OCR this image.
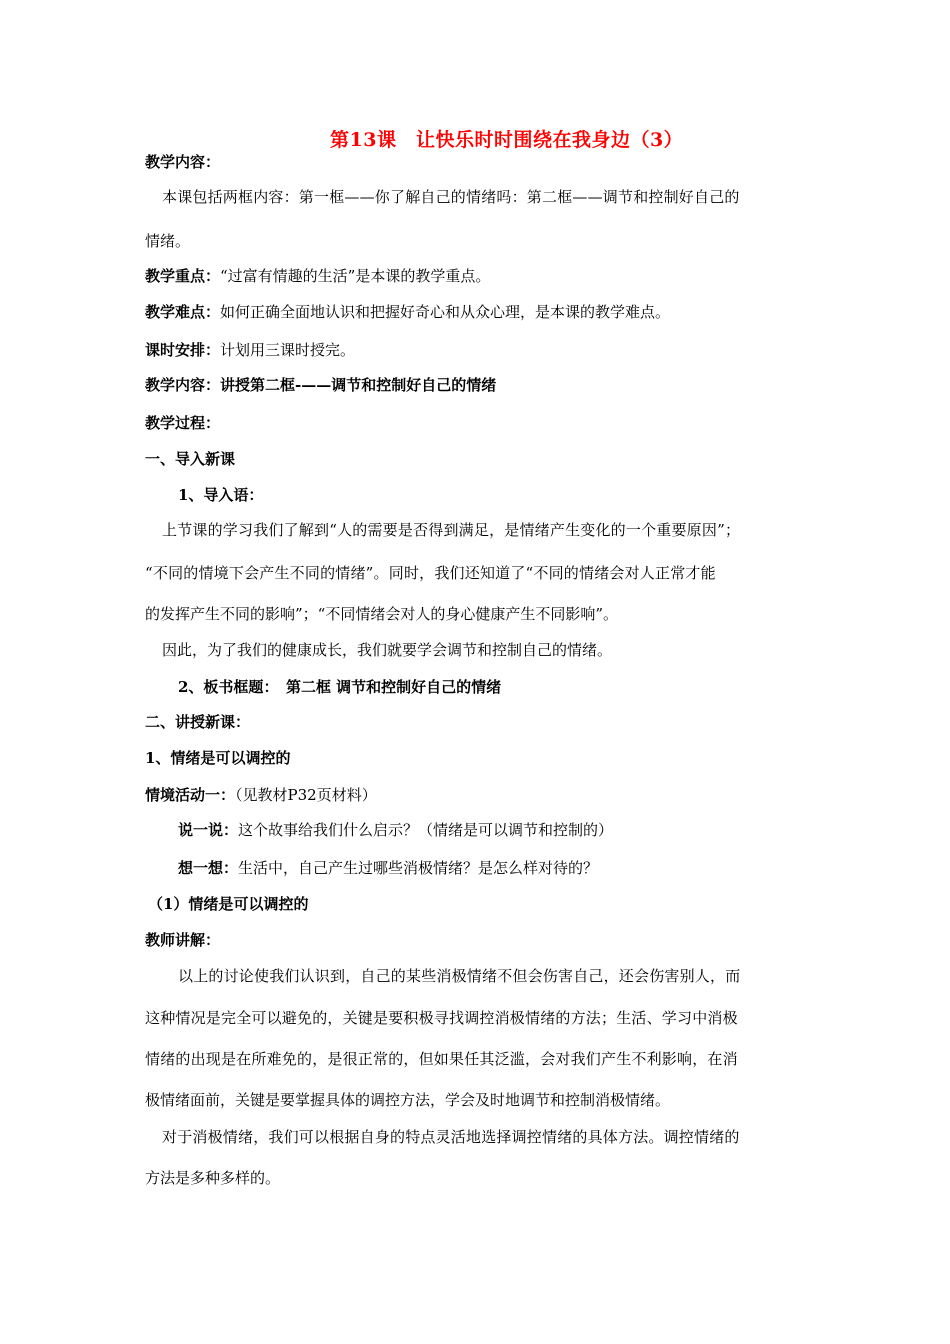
第13课　让快乐时时围绕在我身边（3）
教学内容：
本课包括两框内容：第一框——你了解自己的情绪吗：第二框——调节和控制好自己的
情绪。
教学重点：“过富有情趣的生活”是本课的教学重点。
教学难点：如何正确全面地认识和把握好奇心和从众心理，是本课的教学难点。
课时安排：计划用三课时授完。
教学内容：讲授第二框-——调节和控制好自己的情绪
教学过程：
一、导入新课
1、导入语：
上节课的学习我们了解到“人的需要是否得到满足，是情绪产生变化的一个重要原因”；
“不同的情境下会产生不同的情绪”。同时，我们还知道了“不同的情绪会对人正常才能
的发挥产生不同的影响”；“不同情绪会对人的身心健康产生不同影响”。
因此，为了我们的健康成长，我们就要学会调节和控制自己的情绪。
2、板书框题：　第二框 调节和控制好自己的情绪
二、讲授新课：
1、情绪是可以调控的
情境活动一：（见教材P32页材料）
说一说：这个故事给我们什么启示？（情绪是可以调节和控制的）
想一想：生活中，自己产生过哪些消极情绪？是怎么样对待的？
（1）情绪是可以调控的
教师讲解：
以上的讨论使我们认识到，自己的某些消极情绪不但会伤害自己，还会伤害别人，而
这种情况是完全可以避免的，关键是要积极寻找调控消极情绪的方法；生活、学习中消极
情绪的出现是在所难免的，是很正常的，但如果任其泛滥，会对我们产生不利影响，在消
极情绪面前，关键是要掌握具体的调控方法，学会及时地调节和控制消极情绪。
对于消极情绪，我们可以根据自身的特点灵活地选择调控情绪的具体方法。调控情绪的
方法是多种多样的。
